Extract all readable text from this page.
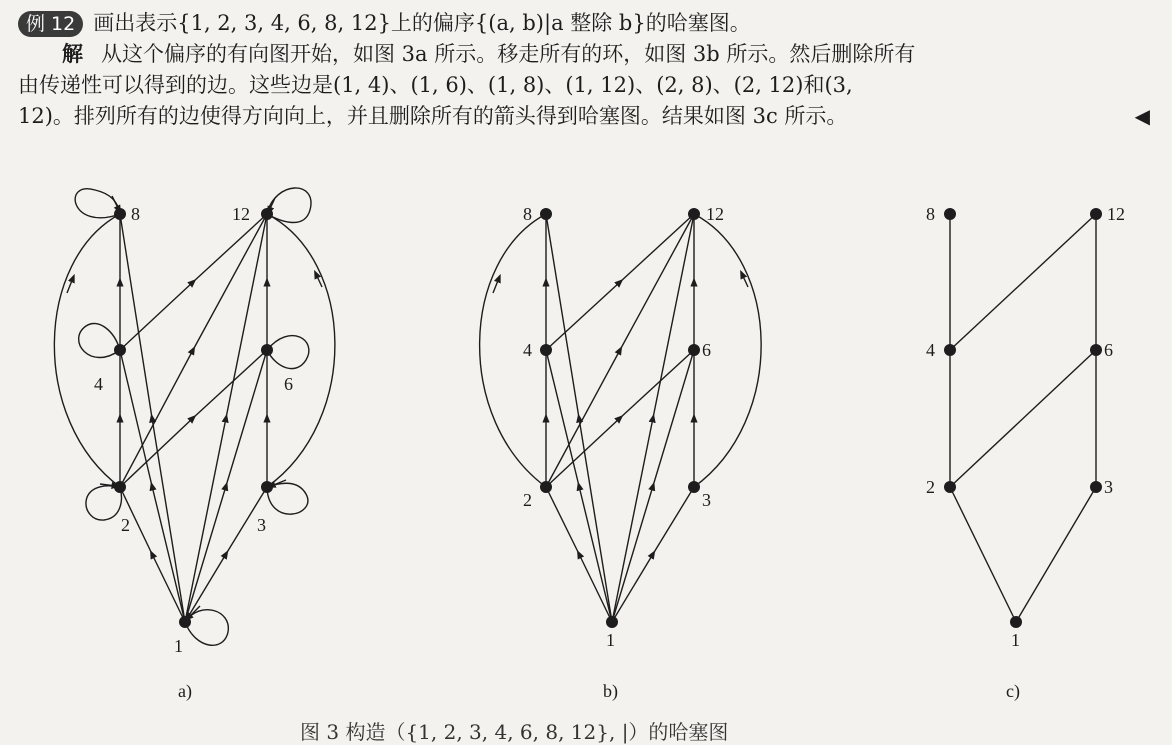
例 12 画出表示{1, 2, 3, 4, 6, 8, 12}上的偏序{(a, b)|a 整除 b}的哈塞图。
解 从这个偏序的有向图开始，如图 3a 所示。移走所有的环，如图 3b 所示。然后删除所有
由传递性可以得到的边。这些边是(1, 4)、(1, 6)、(1, 8)、(1, 12)、(2, 8)、(2, 12)和(3,
12)。排列所有的边使得方向向上，并且删除所有的箭头得到哈塞图。结果如图 3c 所示。	◀
8	12
4	6
2	3
1
a)
8	12
4	6
2	3
1
b)
8	12
4	6
2	3
1
c)
图 3 构造（{1, 2, 3, 4, 6, 8, 12}, |）的哈塞图
